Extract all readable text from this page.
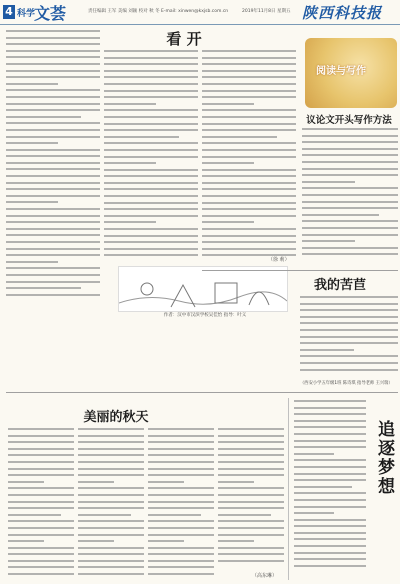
4 科学
文荟	责任编辑 王军 美编 刘颖 校对 秋 冬 E-mail: xinwen@kxjsb.com.cn	2019年11月8日 星期五 陕西科技报
看 开
（徐 莉）
作者：汉中市汉滨学校吴佳怡 指导：叶义
阅读与写作
议论文开头写作方法
我的苦苣
（西安小学五年级1班 陈诗琪 指导老师 王兴瑞）
美丽的秋天
（高东琳）
追逐梦想
